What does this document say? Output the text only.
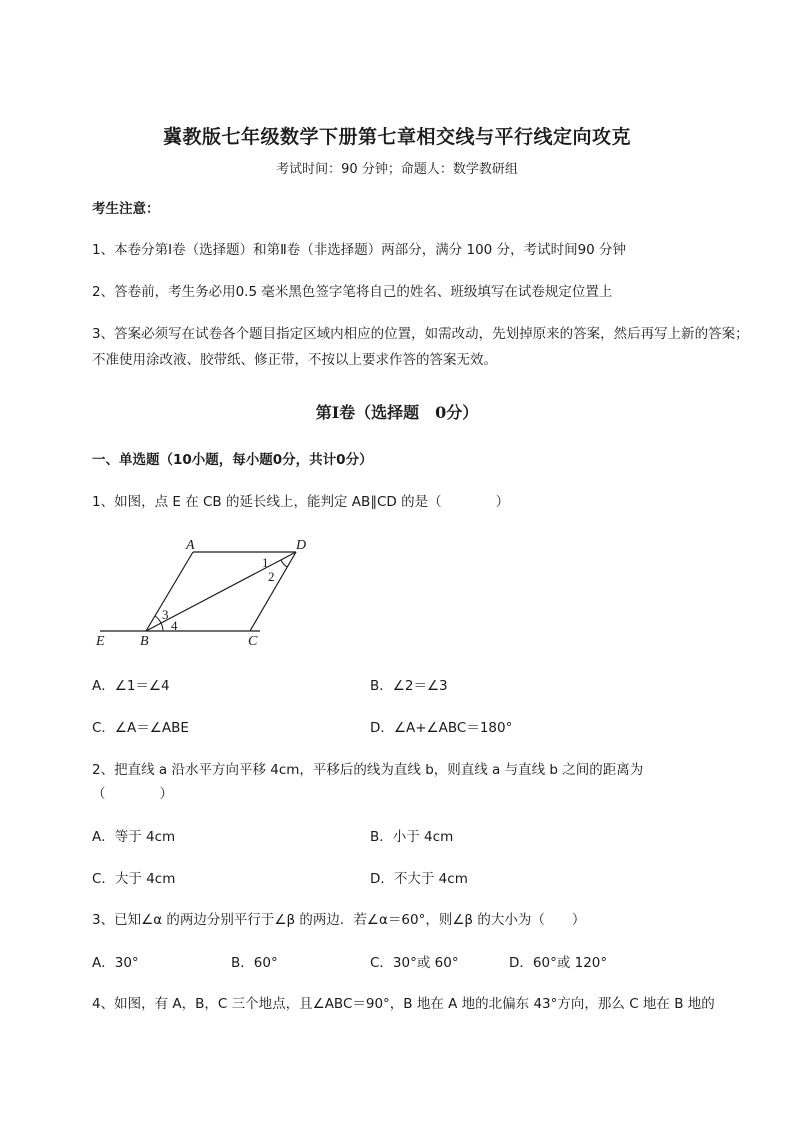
冀教版七年级数学下册第七章相交线与平行线定向攻克
考试时间：90 分钟；命题人：数学教研组
考生注意：
1、本卷分第Ⅰ卷（选择题）和第Ⅱ卷（非选择题）两部分，满分 100 分，考试时间90 分钟
2、答卷前，考生务必用0.5 毫米黑色签字笔将自己的姓名、班级填写在试卷规定位置上
3、答案必须写在试卷各个题目指定区域内相应的位置，如需改动，先划掉原来的答案，然后再写上新的答案；不准使用涂改液、胶带纸、修正带，不按以上要求作答的答案无效。
第Ⅰ卷（选择题　0分）
一、单选题（10小题，每小题0分，共计0分）
1、如图，点 E 在 CB 的延长线上，能判定 AB∥CD 的是（　　　　）
A	D
B	C
E
1
2
3
4
A．∠1＝∠4	B．∠2＝∠3
C．∠A＝∠ABE	D．∠A+∠ABC＝180°
2、把直线 a 沿水平方向平移 4cm，平移后的线为直线 b，则直线 a 与直线 b 之间的距离为
（　　　　）
A．等于 4cm	B．小于 4cm
C．大于 4cm	D．不大于 4cm
3、已知∠α 的两边分别平行于∠β 的两边．若∠α＝60°，则∠β 的大小为（　　）
A．30°	B．60°	C．30°或 60°	D．60°或 120°
4、如图，有 A，B，C 三个地点，且∠ABC＝90°，B 地在 A 地的北偏东 43°方向，那么 C 地在 B 地的
